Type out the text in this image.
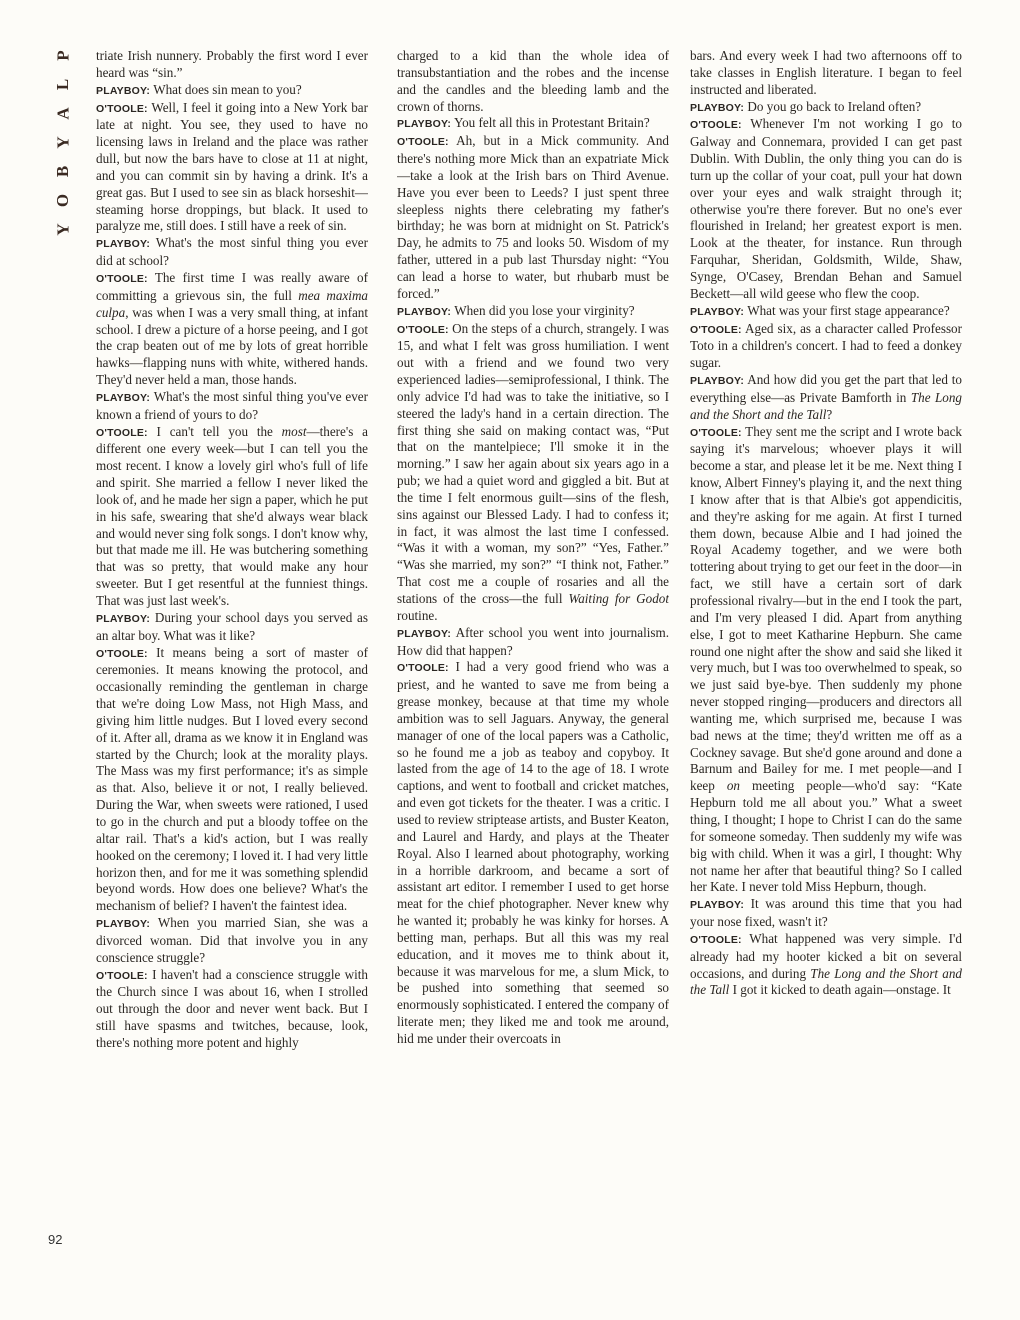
P
L
A
Y
B
O
Y
92

triate Irish nunnery. Probably the first word I ever heard was “sin.”

PLAYBOY: What does sin mean to you?

O'TOOLE: Well, I feel it going into a New York bar late at night. You see, they used to have no licensing laws in Ireland and the place was rather dull, but now the bars have to close at 11 at night, and you can commit sin by having a drink. It's a great gas. But I used to see sin as black horseshit—steaming horse droppings, but black. It used to paralyze me, still does. I still have a reek of sin.

PLAYBOY: What's the most sinful thing you ever did at school?

O'TOOLE: The first time I was really aware of committing a grievous sin, the full mea maxima culpa, was when I was a very small thing, at infant school. I drew a picture of a horse peeing, and I got the crap beaten out of me by lots of great horrible hawks—flapping nuns with white, withered hands. They'd never held a man, those hands.

PLAYBOY: What's the most sinful thing you've ever known a friend of yours to do?

O'TOOLE: I can't tell you the most—there's a different one every week—but I can tell you the most recent. I know a lovely girl who's full of life and spirit. She married a fellow I never liked the look of, and he made her sign a paper, which he put in his safe, swearing that she'd always wear black and would never sing folk songs. I don't know why, but that made me ill. He was butchering something that was so pretty, that would make any hour sweeter. But I get resentful at the funniest things. That was just last week's.

PLAYBOY: During your school days you served as an altar boy. What was it like?

O'TOOLE: It means being a sort of master of ceremonies. It means knowing the protocol, and occasionally reminding the gentleman in charge that we're doing Low Mass, not High Mass, and giving him little nudges. But I loved every second of it. After all, drama as we know it in England was started by the Church; look at the morality plays. The Mass was my first performance; it's as simple as that. Also, believe it or not, I really believed. During the War, when sweets were rationed, I used to go in the church and put a bloody toffee on the altar rail. That's a kid's action, but I was really hooked on the ceremony; I loved it. I had very little horizon then, and for me it was something splendid beyond words. How does one believe? What's the mechanism of belief? I haven't the faintest idea.

PLAYBOY: When you married Sian, she was a divorced woman. Did that involve you in any conscience struggle?

O'TOOLE: I haven't had a conscience struggle with the Church since I was about 16, when I strolled out through the door and never went back. But I still have spasms and twitches, because, look, there's nothing more potent and highly

charged to a kid than the whole idea of transubstantiation and the robes and the incense and the candles and the bleeding lamb and the crown of thorns.

PLAYBOY: You felt all this in Protestant Britain?

O'TOOLE: Ah, but in a Mick community. And there's nothing more Mick than an expatriate Mick—take a look at the Irish bars on Third Avenue. Have you ever been to Leeds? I just spent three sleepless nights there celebrating my father's birthday; he was born at midnight on St. Patrick's Day, he admits to 75 and looks 50. Wisdom of my father, uttered in a pub last Thursday night: “You can lead a horse to water, but rhubarb must be forced.”

PLAYBOY: When did you lose your virginity?

O'TOOLE: On the steps of a church, strangely. I was 15, and what I felt was gross humiliation. I went out with a friend and we found two very experienced ladies—semiprofessional, I think. The only advice I'd had was to take the initiative, so I steered the lady's hand in a certain direction. The first thing she said on making contact was, “Put that on the mantelpiece; I'll smoke it in the morning.” I saw her again about six years ago in a pub; we had a quiet word and giggled a bit. But at the time I felt enormous guilt—sins of the flesh, sins against our Blessed Lady. I had to confess it; in fact, it was almost the last time I confessed. “Was it with a woman, my son?” “Yes, Father.” “Was she married, my son?” “I think not, Father.” That cost me a couple of rosaries and all the stations of the cross—the full Waiting for Godot routine.

PLAYBOY: After school you went into journalism. How did that happen?

O'TOOLE: I had a very good friend who was a priest, and he wanted to save me from being a grease monkey, because at that time my whole ambition was to sell Jaguars. Anyway, the general manager of one of the local papers was a Catholic, so he found me a job as teaboy and copyboy. It lasted from the age of 14 to the age of 18. I wrote captions, and went to football and cricket matches, and even got tickets for the theater. I was a critic. I used to review striptease artists, and Buster Keaton, and Laurel and Hardy, and plays at the Theater Royal. Also I learned about photography, working in a horrible darkroom, and became a sort of assistant art editor. I remember I used to get horse meat for the chief photographer. Never knew why he wanted it; probably he was kinky for horses. A betting man, perhaps. But all this was my real education, and it moves me to think about it, because it was marvelous for me, a slum Mick, to be pushed into something that seemed so enormously sophisticated. I entered the company of literate men; they liked me and took me around, hid me under their overcoats in

bars. And every week I had two afternoons off to take classes in English literature. I began to feel instructed and liberated.

PLAYBOY: Do you go back to Ireland often?

O'TOOLE: Whenever I'm not working I go to Galway and Connemara, provided I can get past Dublin. With Dublin, the only thing you can do is turn up the collar of your coat, pull your hat down over your eyes and walk straight through it; otherwise you're there forever. But no one's ever flourished in Ireland; her greatest export is men. Look at the theater, for instance. Run through Farquhar, Sheridan, Goldsmith, Wilde, Shaw, Synge, O'Casey, Brendan Behan and Samuel Beckett—all wild geese who flew the coop.

PLAYBOY: What was your first stage appearance?

O'TOOLE: Aged six, as a character called Professor Toto in a children's concert. I had to feed a donkey sugar.

PLAYBOY: And how did you get the part that led to everything else—as Private Bamforth in The Long and the Short and the Tall?

O'TOOLE: They sent me the script and I wrote back saying it's marvelous; whoever plays it will become a star, and please let it be me. Next thing I know, Albert Finney's playing it, and the next thing I know after that is that Albie's got appendicitis, and they're asking for me again. At first I turned them down, because Albie and I had joined the Royal Academy together, and we were both tottering about trying to get our feet in the door—in fact, we still have a certain sort of dark professional rivalry—but in the end I took the part, and I'm very pleased I did. Apart from anything else, I got to meet Katharine Hepburn. She came round one night after the show and said she liked it very much, but I was too overwhelmed to speak, so we just said bye-bye. Then suddenly my phone never stopped ringing—producers and directors all wanting me, which surprised me, because I was bad news at the time; they'd written me off as a Cockney savage. But she'd gone around and done a Barnum and Bailey for me. I met people—and I keep on meeting people—who'd say: “Kate Hepburn told me all about you.” What a sweet thing, I thought; I hope to Christ I can do the same for someone someday. Then suddenly my wife was big with child. When it was a girl, I thought: Why not name her after that beautiful thing? So I called her Kate. I never told Miss Hepburn, though.

PLAYBOY: It was around this time that you had your nose fixed, wasn't it?

O'TOOLE: What happened was very simple. I'd already had my hooter kicked a bit on several occasions, and during The Long and the Short and the Tall I got it kicked to death again—onstage. It
